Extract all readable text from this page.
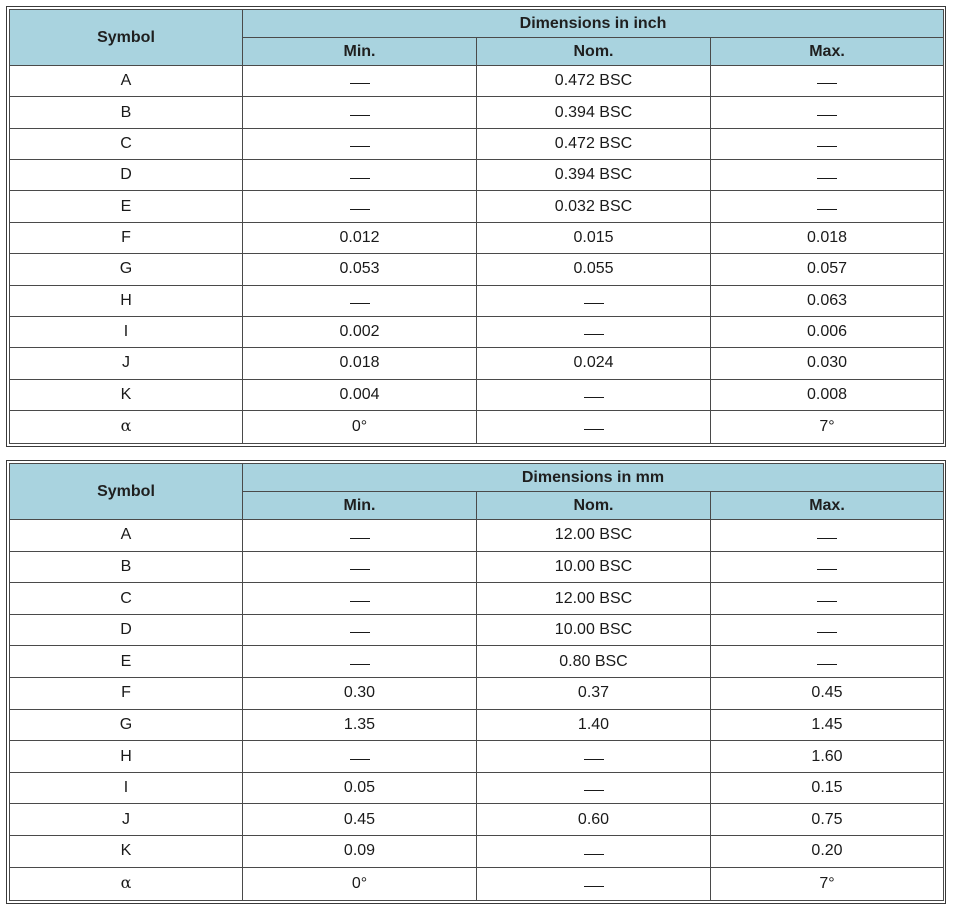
Symbol	Dimensions in inch		
	Min.	Nom.	Max.
A		0.472 BSC	
B		0.394 BSC	
C		0.472 BSC	
D		0.394 BSC	
E		0.032 BSC	
F	0.012	0.015	0.018
G	0.053	0.055	0.057
H			0.063
I	0.002		0.006
J	0.018	0.024	0.030
K	0.004		0.008
α	0°		7°
Symbol	Dimensions in mm		
	Min.	Nom.	Max.
A		12.00 BSC	
B		10.00 BSC	
C		12.00 BSC	
D		10.00 BSC	
E		0.80 BSC	
F	0.30	0.37	0.45
G	1.35	1.40	1.45
H			1.60
I	0.05		0.15
J	0.45	0.60	0.75
K	0.09		0.20
α	0°		7°
